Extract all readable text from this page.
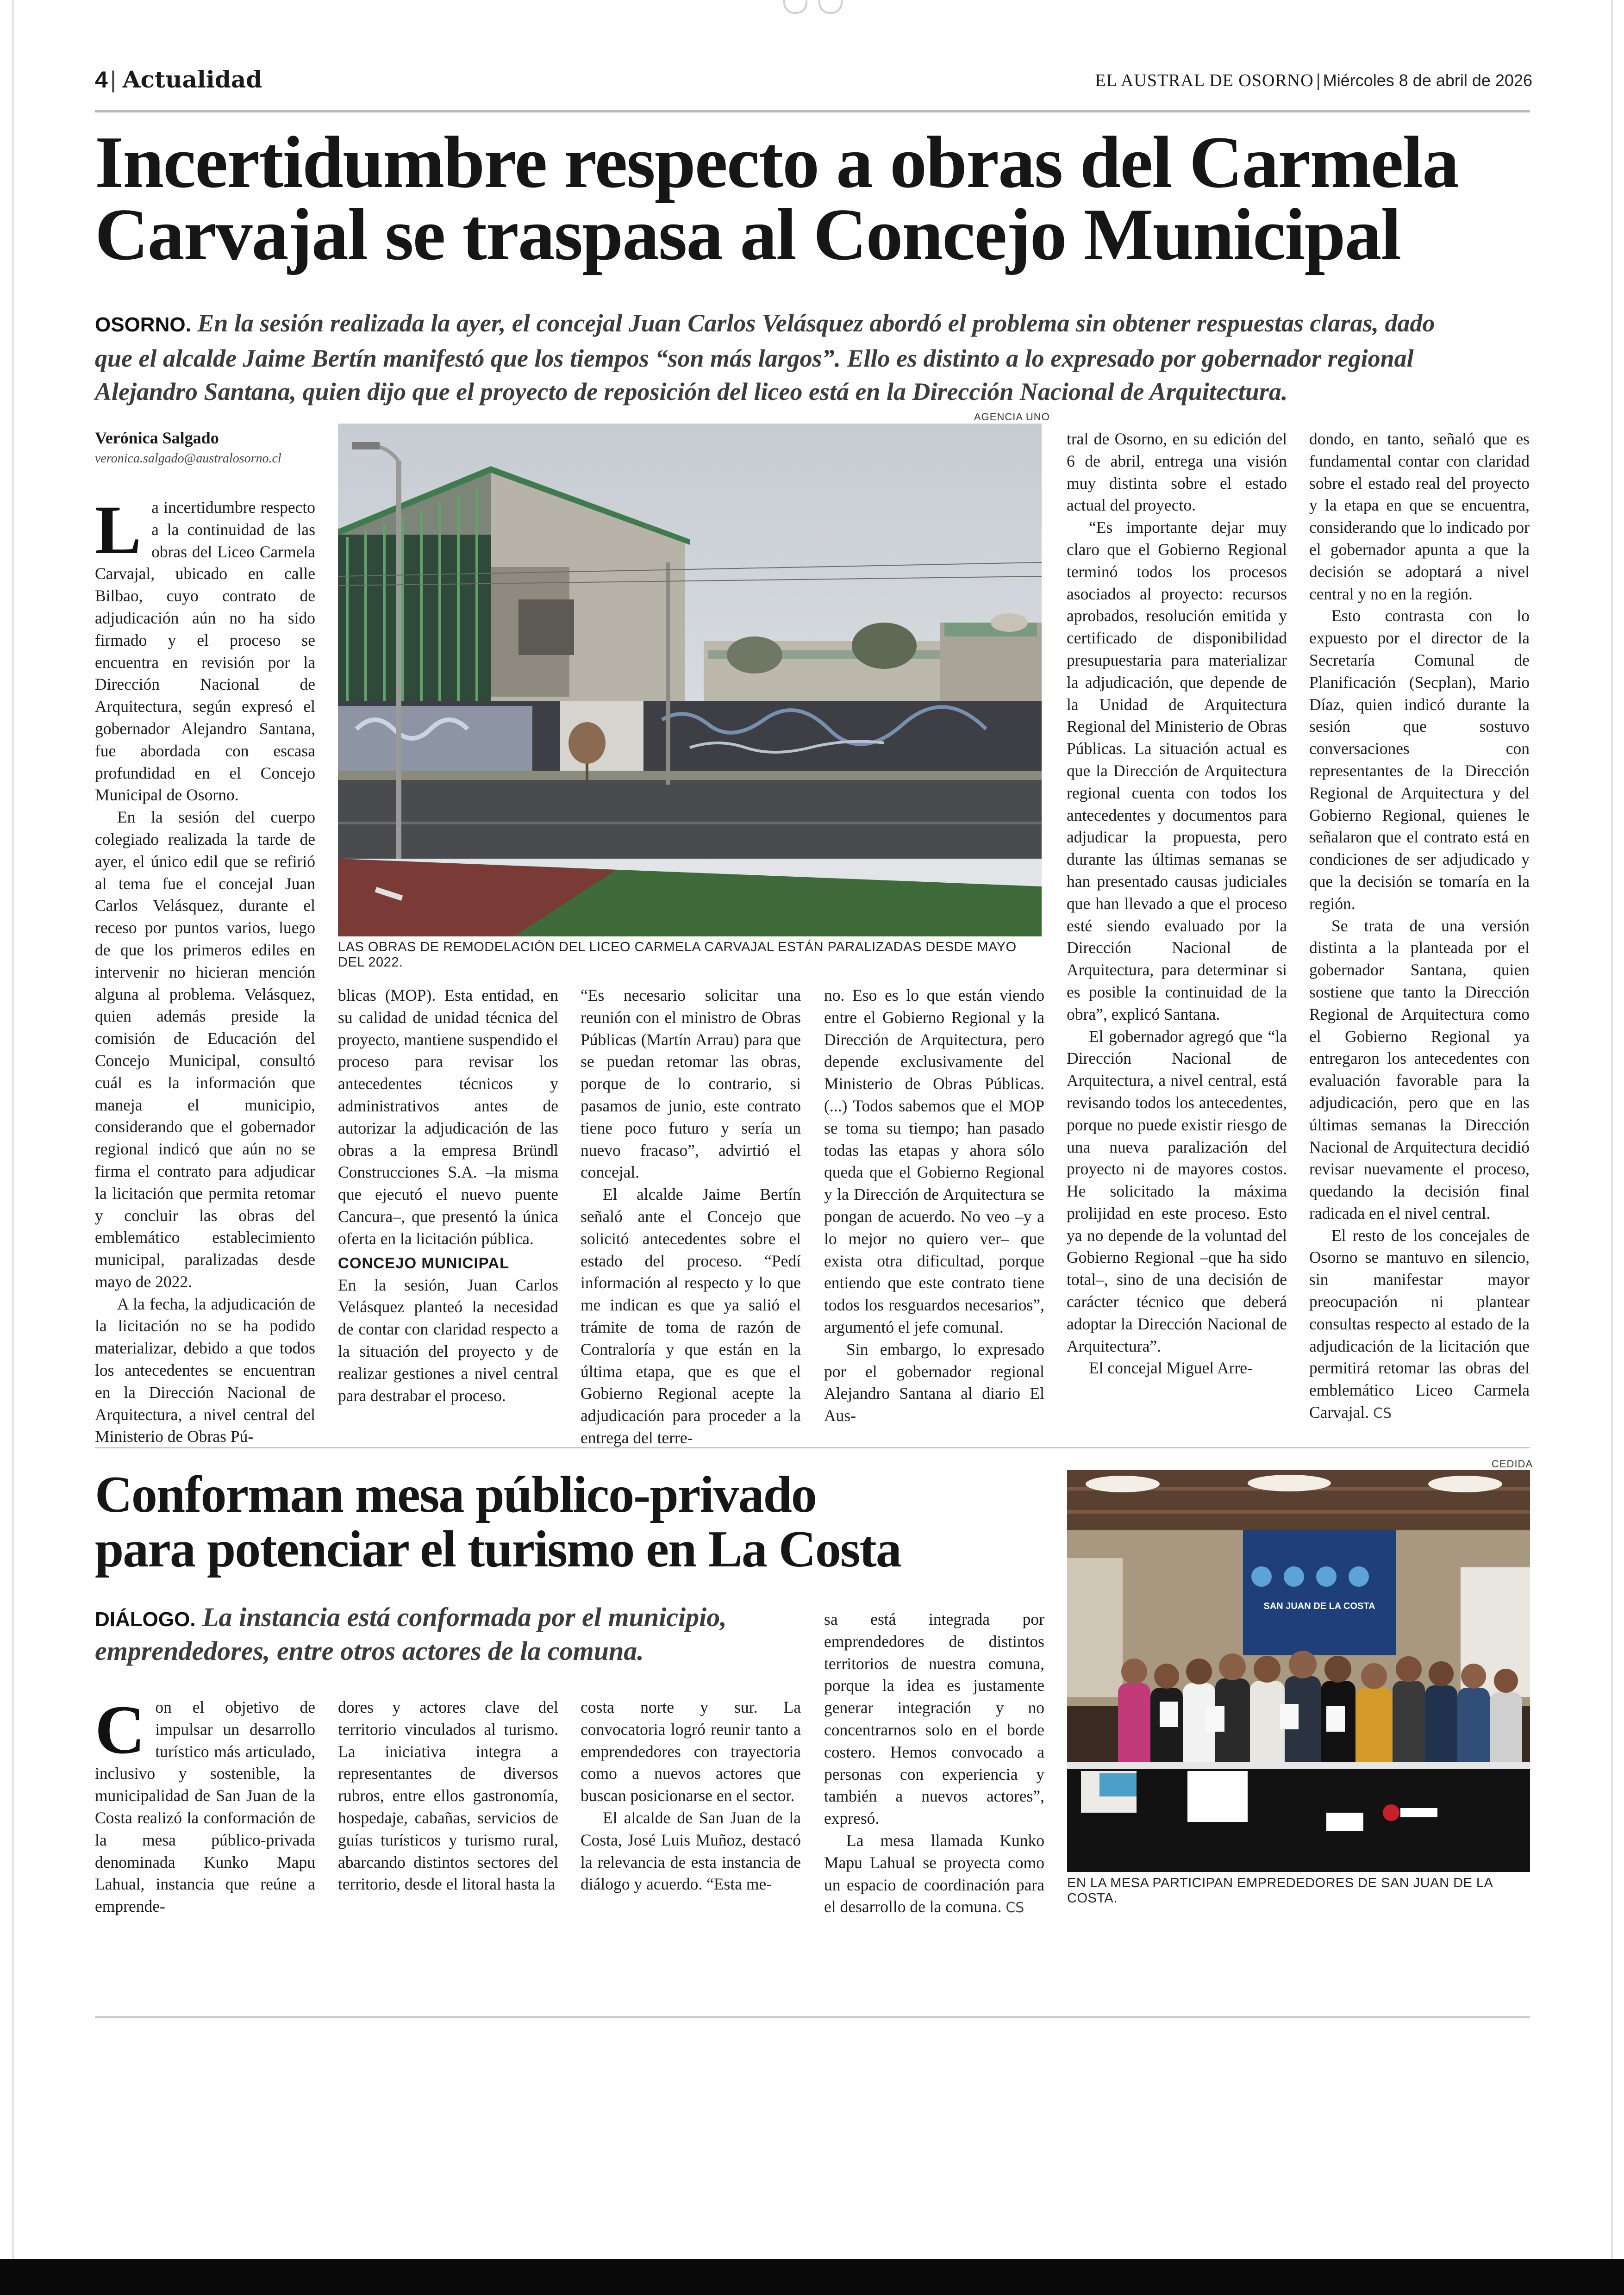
4 | Actualidad	EL AUSTRAL DE OSORNO | Miércoles 8 de abril de 2026
Incertidumbre respecto a obras del Carmela
Carvajal se traspasa al Concejo Municipal
OSORNO. En la sesión realizada la ayer, el concejal Juan Carlos Velásquez abordó el problema sin obtener respuestas claras, dado
que el alcalde Jaime Bertín manifestó que los tiempos “son más largos”. Ello es distinto a lo expresado por gobernador regional
Alejandro Santana, quien dijo que el proyecto de reposición del liceo está en la Dirección Nacional de Arquitectura.
Verónica Salgado
veronica.salgado@australosorno.cl
AGENCIA UNO
LAS OBRAS DE REMODELACIÓN DEL LICEO CARMELA CARVAJAL ESTÁN PARALIZADAS DESDE MAYO DEL 2022.

La incertidumbre respecto a la continuidad de las obras del Liceo Carmela Carvajal, ubicado en calle Bilbao, cuyo contrato de adjudicación aún no ha sido firmado y el proceso se encuentra en revisión por la Dirección Nacional de Arquitectura, según expresó el gobernador Alejandro Santana, fue abordada con escasa profundidad en el Concejo Municipal de Osorno.

En la sesión del cuerpo colegiado realizada la tarde de ayer, el único edil que se refirió al tema fue el concejal Juan Carlos Velásquez, durante el receso por puntos varios, luego de que los primeros ediles en intervenir no hicieran mención alguna al problema. Velásquez, quien además preside la comisión de Educación del Concejo Municipal, consultó cuál es la información que maneja el municipio, considerando que el gobernador regional indicó que aún no se firma el contrato para adjudicar la licitación que permita retomar y concluir las obras del emblemático establecimiento municipal, paralizadas desde mayo de 2022.

A la fecha, la adjudicación de la licitación no se ha podido materializar, debido a que todos los antecedentes se encuentran en la Dirección Nacional de Arquitectura, a nivel central del Ministerio de Obras Pú-

blicas (MOP). Esta entidad, en su calidad de unidad técnica del proyecto, mantiene suspendido el proceso para revisar los antecedentes técnicos y administrativos antes de autorizar la adjudicación de las obras a la empresa Bründl Construcciones S.A. –la misma que ejecutó el nuevo puente Cancura–, que presentó la única oferta en la licitación pública.

CONCEJO MUNICIPAL

En la sesión, Juan Carlos Velásquez planteó la necesidad de contar con claridad respecto a la situación del proyecto y de realizar gestiones a nivel central para destrabar el proceso.

“Es necesario solicitar una reunión con el ministro de Obras Públicas (Martín Arrau) para que se puedan retomar las obras, porque de lo contrario, si pasamos de junio, este contrato tiene poco futuro y sería un nuevo fracaso”, advirtió el concejal.

El alcalde Jaime Bertín señaló ante el Concejo que solicitó antecedentes sobre el estado del proceso. “Pedí información al respecto y lo que me indican es que ya salió el trámite de toma de razón de Contraloría y que están en la última etapa, que es que el Gobierno Regional acepte la adjudicación para proceder a la entrega del terre-

no. Eso es lo que están viendo entre el Gobierno Regional y la Dirección de Arquitectura, pero depende exclusivamente del Ministerio de Obras Públicas. (...) Todos sabemos que el MOP se toma su tiempo; han pasado todas las etapas y ahora sólo queda que el Gobierno Regional y la Dirección de Arquitectura se pongan de acuerdo. No veo –y a lo mejor no quiero ver– que exista otra dificultad, porque entiendo que este contrato tiene todos los resguardos necesarios”, argumentó el jefe comunal.

Sin embargo, lo expresado por el gobernador regional Alejandro Santana al diario El Aus-

tral de Osorno, en su edición del 6 de abril, entrega una visión muy distinta sobre el estado actual del proyecto.

“Es importante dejar muy claro que el Gobierno Regional terminó todos los procesos asociados al proyecto: recursos aprobados, resolución emitida y certificado de disponibilidad presupuestaria para materializar la adjudicación, que depende de la Unidad de Arquitectura Regional del Ministerio de Obras Públicas. La situación actual es que la Dirección de Arquitectura regional cuenta con todos los antecedentes y documentos para adjudicar la propuesta, pero durante las últimas semanas se han presentado causas judiciales que han llevado a que el proceso esté siendo evaluado por la Dirección Nacional de Arquitectura, para determinar si es posible la continuidad de la obra”, explicó Santana.

El gobernador agregó que “la Dirección Nacional de Arquitectura, a nivel central, está revisando todos los antecedentes, porque no puede existir riesgo de una nueva paralización del proyecto ni de mayores costos. He solicitado la máxima prolijidad en este proceso. Esto ya no depende de la voluntad del Gobierno Regional –que ha sido total–, sino de una decisión de carácter técnico que deberá adoptar la Dirección Nacional de Arquitectura”.

El concejal Miguel Arre-

dondo, en tanto, señaló que es fundamental contar con claridad sobre el estado real del proyecto y la etapa en que se encuentra, considerando que lo indicado por el gobernador apunta a que la decisión se adoptará a nivel central y no en la región.

Esto contrasta con lo expuesto por el director de la Secretaría Comunal de Planificación (Secplan), Mario Díaz, quien indicó durante la sesión que sostuvo conversaciones con representantes de la Dirección Regional de Arquitectura y del Gobierno Regional, quienes le señalaron que el contrato está en condiciones de ser adjudicado y que la decisión se tomaría en la región.

Se trata de una versión distinta a la planteada por el gobernador Santana, quien sostiene que tanto la Dirección Regional de Arquitectura como el Gobierno Regional ya entregaron los antecedentes con evaluación favorable para la adjudicación, pero que en las últimas semanas la Dirección Nacional de Arquitectura decidió revisar nuevamente el proceso, quedando la decisión final radicada en el nivel central.

El resto de los concejales de Osorno se mantuvo en silencio, sin manifestar mayor preocupación ni plantear consultas respecto al estado de la adjudicación de la licitación que permitirá retomar las obras del emblemático Liceo Carmela Carvajal. CS

Conforman mesa público-privado
para potenciar el turismo en La Costa
DIÁLOGO. La instancia está conformada por el municipio,
emprendedores, entre otros actores de la comuna.

Con el objetivo de impulsar un desarrollo turístico más articulado, inclusivo y sostenible, la municipalidad de San Juan de la Costa realizó la conformación de la mesa público-privada denominada Kunko Mapu Lahual, instancia que reúne a emprende-

dores y actores clave del territorio vinculados al turismo. La iniciativa integra a representantes de diversos rubros, entre ellos gastronomía, hospedaje, cabañas, servicios de guías turísticos y turismo rural, abarcando distintos sectores del territorio, desde el litoral hasta la

costa norte y sur. La convocatoria logró reunir tanto a emprendedores con trayectoria como a nuevos actores que buscan posicionarse en el sector.

El alcalde de San Juan de la Costa, José Luis Muñoz, destacó la relevancia de esta instancia de diálogo y acuerdo. “Esta me-

sa está integrada por emprendedores de distintos territorios de nuestra comuna, porque la idea es justamente generar integración y no concentrarnos solo en el borde costero. Hemos convocado a personas con experiencia y también a nuevos actores”, expresó.

La mesa llamada Kunko Mapu Lahual se proyecta como un espacio de coordinación para el desarrollo de la comuna. CS

CEDIDA
SAN JUAN DE LA COSTA
EN LA MESA PARTICIPAN EMPREDEDORES DE SAN JUAN DE LA COSTA.
